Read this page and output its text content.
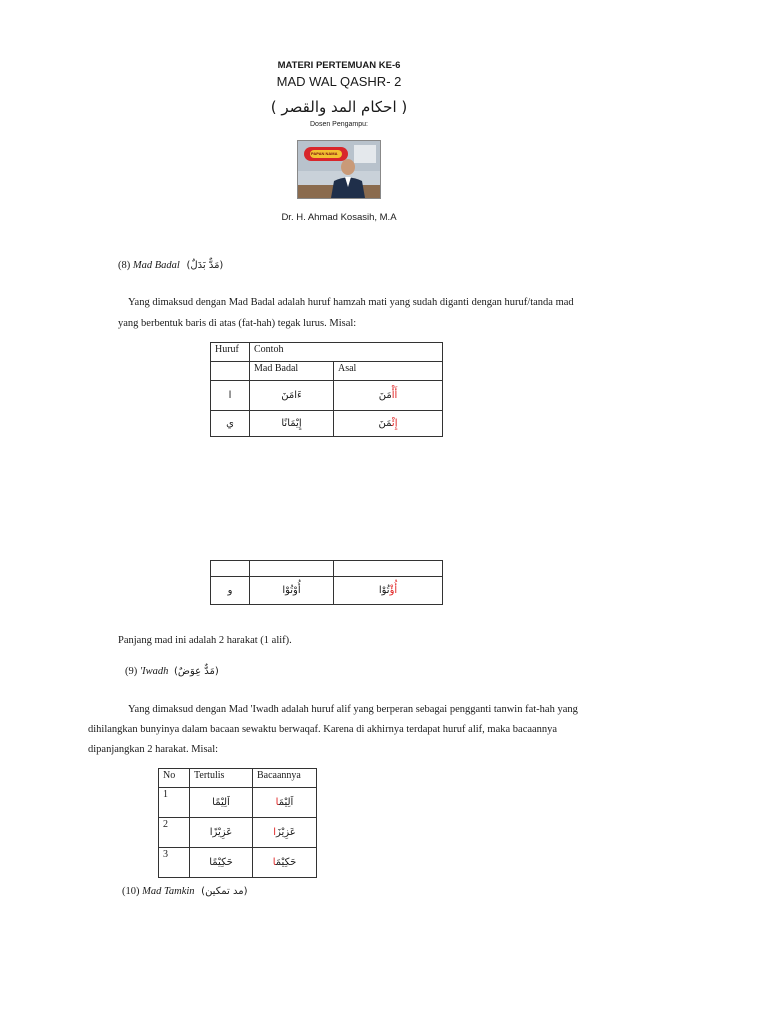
MATERI PERTEMUAN KE-6
MAD WAL QASHR- 2
( احكام المد والقصر )
Dosen Pengampu:
PAPAN NAMA
Dr. H. Ahmad Kosasih, M.A
(8) Mad Badal (مَدٌّ بَدَلٌ)
Yang dimaksud dengan Mad Badal adalah huruf hamzah mati yang sudah diganti dengan huruf/tanda mad
yang berbentuk baris di atas (fat-hah) tegak lurus. Misal:
Huruf	Contoh	
	Mad Badal	Asal
ا	ءَامَنَ	أَأْمَنَ
ي	إِيْمَانًا	إِئْمَنَ

و	أُوْتُوْا	أُؤْتُوْا
Panjang mad ini adalah 2 harakat (1 alif).
(9) 'Iwadh (مَدٌّ عِوَضٌ)
Yang dimaksud dengan Mad 'Iwadh adalah huruf alif yang berperan sebagai pengganti tanwin fat-hah yang
dihilangkan bunyinya dalam bacaan sewaktu berwaqaf. Karena di akhirnya terdapat huruf alif, maka bacaannya
dipanjangkan 2 harakat. Misal:
No	Tertulis	Bacaannya
1	اَلِيْمًا	اَلِيْمَا
2	عَزِيْزًا	عَزِيْزَا
3	حَكِيْمًا	حَكِيْمَا
(10) Mad Tamkin (مد تمكين)
